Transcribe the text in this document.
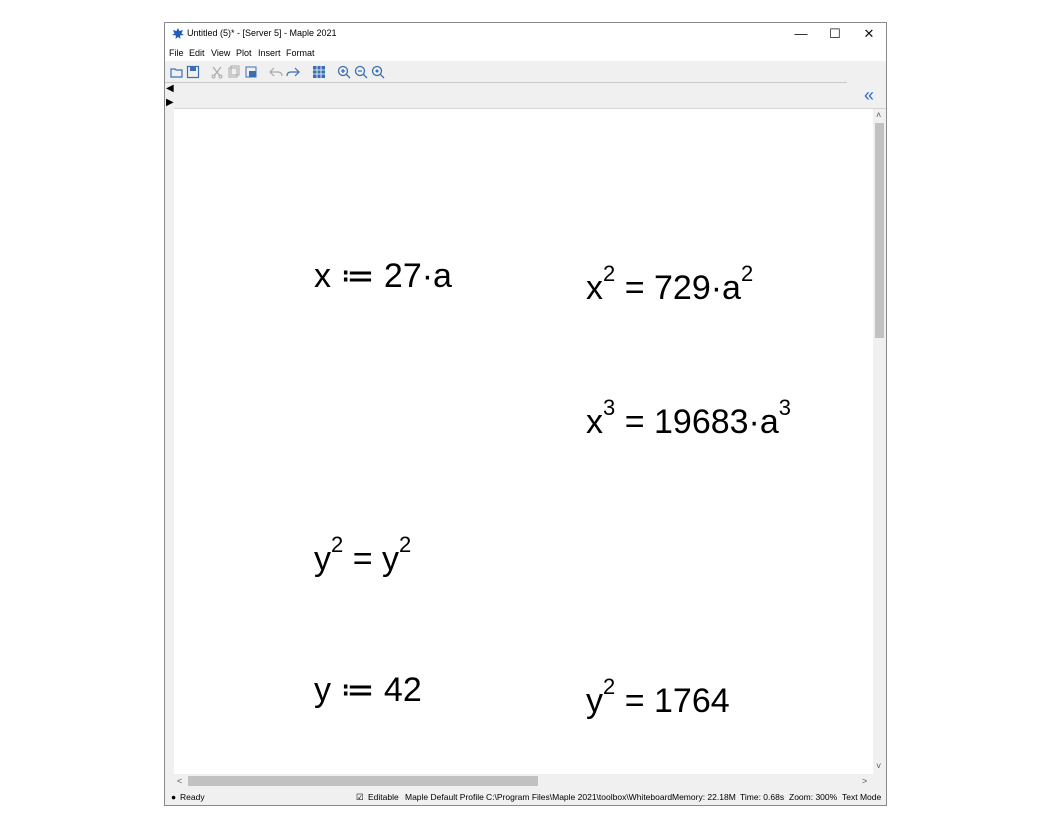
Untitled (5)* - [Server 5] - Maple 2021	—	☐	✕
File Edit View Plot Insert Format
«
◀
▶
x ≔ 27·a	$x^2 = 729\cdot a^2$
$x^3 = 19683\cdot a^3$
$y^2 = y^2$
y ≔ 42	$y^2 = 1764$
˄
˅
<	>
● Ready	☑ Editable Maple Default Profile C:\Program Files\Maple 2021\toolbox\Whiteboard Memory: 22.18M Time: 0.68s Zoom: 300% Text Mode
